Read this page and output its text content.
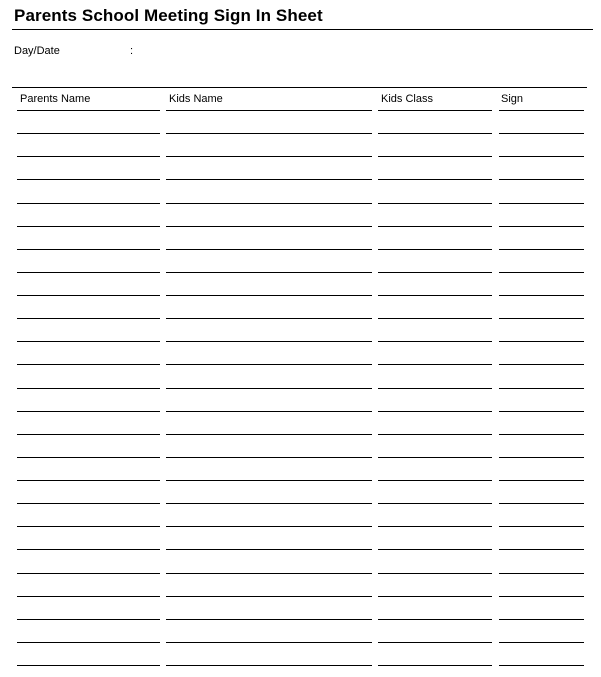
Parents School Meeting Sign In Sheet
Day/Date	:
Parents Name	Kids Name	Kids Class	Sign
